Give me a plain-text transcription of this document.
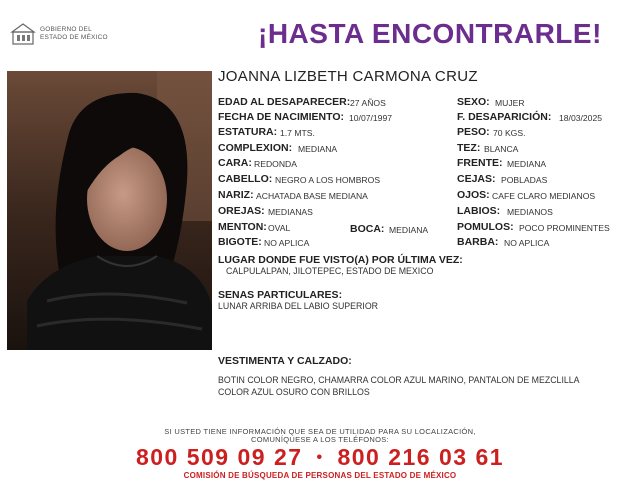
GOBIERNO DEL
ESTADO DE MÉXICO	¡HASTA ENCONTRARLE!
JOANNA LIZBETH CARMONA CRUZ
EDAD AL DESAPARECER: 27 AÑOS	SEXO: MUJER
FECHA DE NACIMIENTO: 10/07/1997	F. DESAPARICIÓN: 18/03/2025
ESTATURA: 1.7 MTS.	PESO: 70 KGS.
COMPLEXION: MEDIANA	TEZ: BLANCA
CARA: REDONDA	FRENTE: MEDIANA
CABELLO: NEGRO A LOS HOMBROS	CEJAS: POBLADAS
NARIZ: ACHATADA BASE MEDIANA	OJOS: CAFE CLARO MEDIANOS
OREJAS: MEDIANAS	LABIOS: MEDIANOS
MENTON: OVAL	BOCA: MEDIANA	POMULOS: POCO PROMINENTES
BIGOTE: NO APLICA	BARBA: NO APLICA
LUGAR DONDE FUE VISTO(A) POR ÚLTIMA VEZ:
CALPULALPAN, JILOTEPEC, ESTADO DE MEXICO
SENAS PARTICULARES:
LUNAR ARRIBA DEL LABIO SUPERIOR
VESTIMENTA Y CALZADO:
BOTIN COLOR NEGRO, CHAMARRA COLOR AZUL MARINO, PANTALON DE MEZCLILLA
COLOR AZUL OSURO CON BRILLOS
SI USTED TIENE INFORMACIÓN QUE SEA DE UTILIDAD PARA SU LOCALIZACIÓN,
COMUNÍQUESE A LOS TELÉFONOS:
800 509 09 27 • 800 216 03 61
COMISIÓN DE BÚSQUEDA DE PERSONAS DEL ESTADO DE MÉXICO
